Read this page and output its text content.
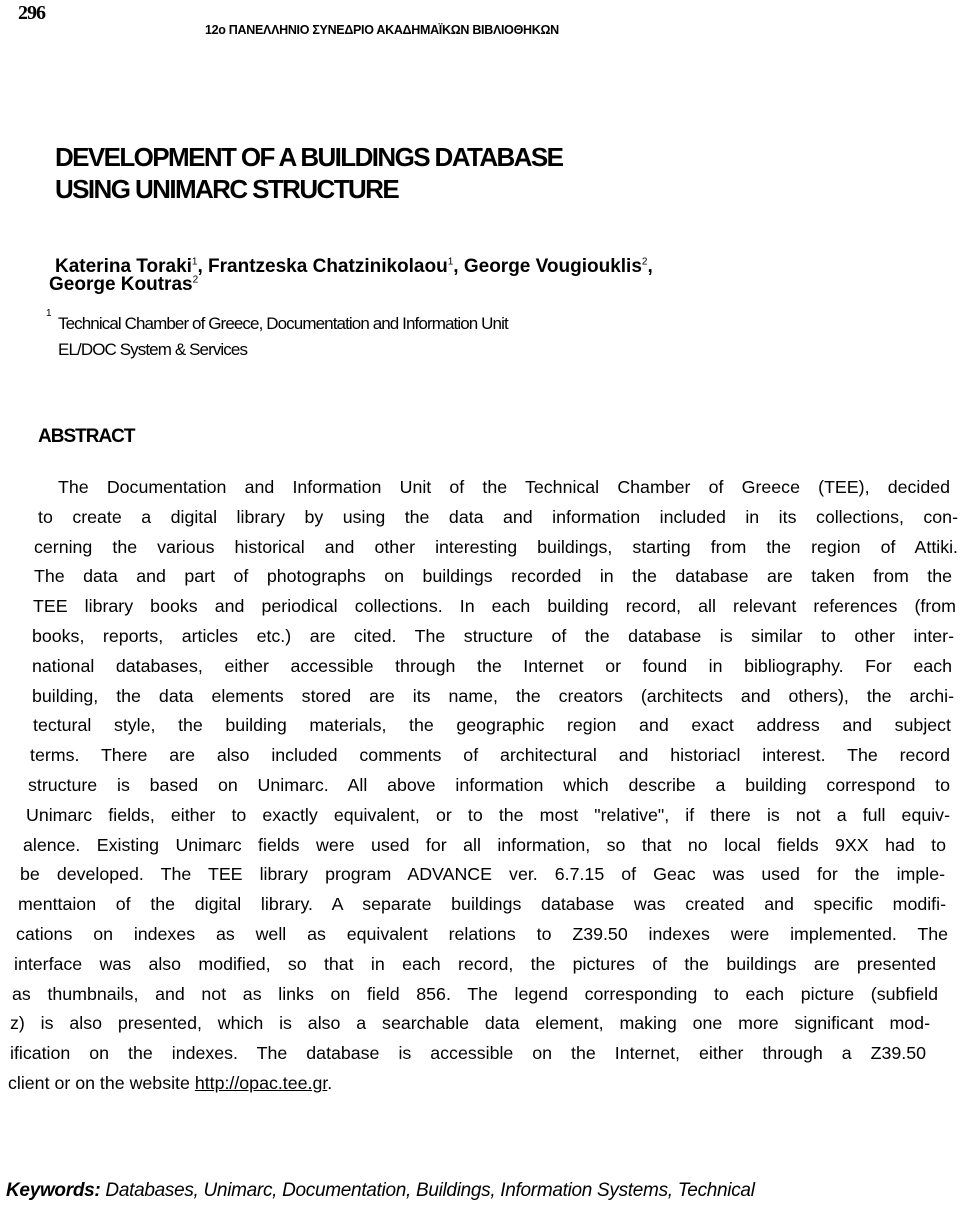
296
12ο ΠΑΝΕΛΛΗΝΙΟ ΣΥΝΕΔΡΙΟ ΑΚΑΔΗΜΑΪΚΩΝ ΒΙΒΛΙΟΘΗΚΩΝ
DEVELOPMENT OF A BUILDINGS DATABASE
USING UNIMARC STRUCTURE
Katerina Toraki$^1$, Frantzeska Chatzinikolaou$^1$, George Vougiouklis$^2$,
George Koutras$^2$
1
Technical Chamber of Greece, Documentation and Information Unit
EL/DOC System & Services
ABSTRACT
The Documentation and Information Unit of the Technical Chamber of Greece (TEE), decided
to create a digital library by using the data and information included in its collections, con-
cerning the various historical and other interesting buildings, starting from the region of Attiki.
The data and part of photographs on buildings recorded in the database are taken from the
TEE library books and periodical collections. In each building record, all relevant references (from
books, reports, articles etc.) are cited. The structure of the database is similar to other inter-
national databases, either accessible through the Internet or found in bibliography. For each
building, the data elements stored are its name, the creators (architects and others), the archi-
tectural style, the building materials, the geographic region and exact address and subject
terms. There are also included comments of architectural and historiacl interest. The record
structure is based on Unimarc. All above information which describe a building correspond to
Unimarc fields, either to exactly equivalent, or to the most "relative", if there is not a full equiv-
alence. Existing Unimarc fields were used for all information, so that no local fields 9XX had to
be developed. The TEE library program ADVANCE ver. 6.7.15 of Geac was used for the imple-
menttaion of the digital library. A separate buildings database was created and specific modifi-
cations on indexes as well as equivalent relations to Z39.50 indexes were implemented. The
interface was also modified, so that in each record, the pictures of the buildings are presented
as thumbnails, and not as links on field 856. The legend corresponding to each picture (subfield
z) is also presented, which is also a searchable data element, making one more significant mod-
ification on the indexes. The database is accessible on the Internet, either through a Z39.50
client or on the website http://opac.tee.gr.
Keywords: Databases, Unimarc, Documentation, Buildings, Information Systems, Technical
